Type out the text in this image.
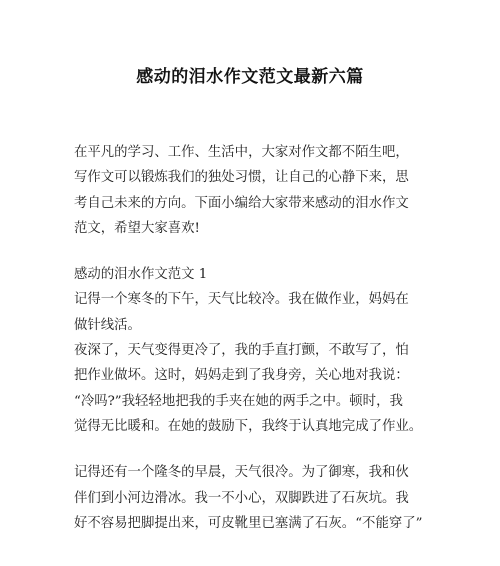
感动的泪水作文范文最新六篇
在平凡的学习、工作、生活中，大家对作文都不陌生吧，
写作文可以锻炼我们的独处习惯，让自己的心静下来，思
考自己未来的方向。下面小编给大家带来感动的泪水作文
范文，希望大家喜欢!
感动的泪水作文范文 1
记得一个寒冬的下午，天气比较冷。我在做作业，妈妈在
做针线活。
夜深了，天气变得更冷了，我的手直打颤，不敢写了，怕
把作业做坏。这时，妈妈走到了我身旁，关心地对我说：
“冷吗?”我轻轻地把我的手夹在她的两手之中。顿时，我
觉得无比暖和。在她的鼓励下，我终于认真地完成了作业。
记得还有一个隆冬的早晨，天气很冷。为了御寒，我和伙
伴们到小河边滑冰。我一不小心，双脚跌进了石灰坑。我
好不容易把脚提出来，可皮靴里已塞满了石灰。“不能穿了”
